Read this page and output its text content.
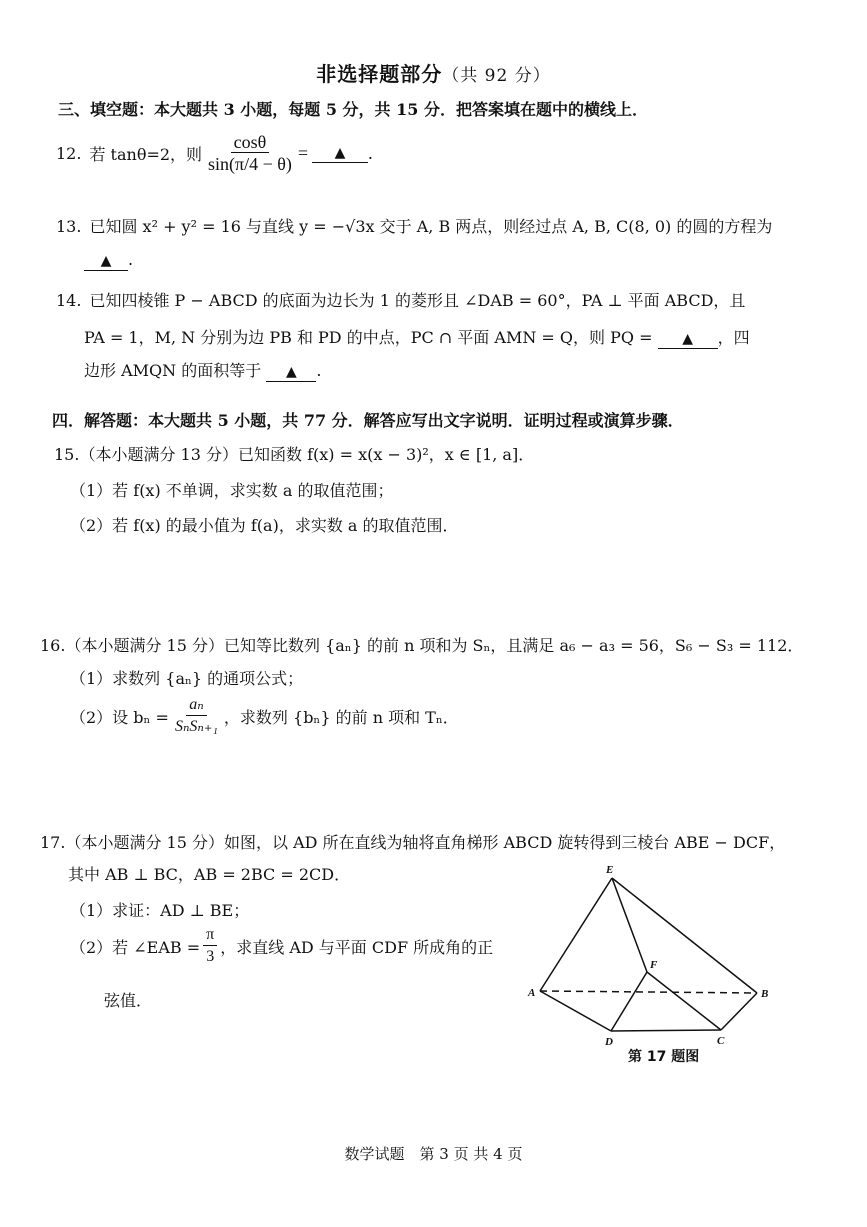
非选择题部分（共 92 分）
三、填空题：本大题共 3 小题，每题 5 分，共 15 分．把答案填在题中的横线上．
12. 若 tanθ=2，则 $\frac{\cos\theta}{\sin(\pi/4 - \theta)}$ =	▲	.
13. 已知圆 x² + y² = 16 与直线 y = −√3x 交于 A, B 两点，则经过点 A, B, C(8, 0) 的圆的方程为
▲ .
14. 已知四棱锥 P − ABCD 的底面为边长为 1 的菱形且 ∠DAB = 60°，PA ⊥ 平面 ABCD，且
PA = 1，M, N 分别为边 PB 和 PD 的中点，PC ∩ 平面 AMN = Q，则 PQ = ▲ ，四
边形 AMQN 的面积等于 ▲ .
四．解答题：本大题共 5 小题，共 77 分．解答应写出文字说明．证明过程或演算步骤．
15.（本小题满分 13 分）已知函数 f(x) = x(x − 3)²，x ∈ [1, a]．
（1）若 f(x) 不单调，求实数 a 的取值范围；
（2）若 f(x) 的最小值为 f(a)，求实数 a 的取值范围．
16.（本小题满分 15 分）已知等比数列 {aₙ} 的前 n 项和为 Sₙ，且满足 a₆ − a₃ = 56，S₆ − S₃ = 112．
（1）求数列 {aₙ} 的通项公式；
（2）设 $b_n = \frac{\text{aₙ}}{\text{SₙSₙ₊₁}}$ ，求数列 {bₙ} 的前 n 项和 Tₙ．
17.（本小题满分 15 分）如图，以 AD 所在直线为轴将直角梯形 ABCD 旋转得到三棱台 ABE − DCF，
其中 AB ⊥ BC，AB = 2BC = 2CD．
（1）求证：AD ⊥ BE；
（2）若 ∠EAB = $\frac{\pi}{3}$ ，求直线 AD 与平面 CDF 所成角的正
弦值．
E
F
A	B
D	C
第 17 题图
数学试题　第 3 页 共 4 页
